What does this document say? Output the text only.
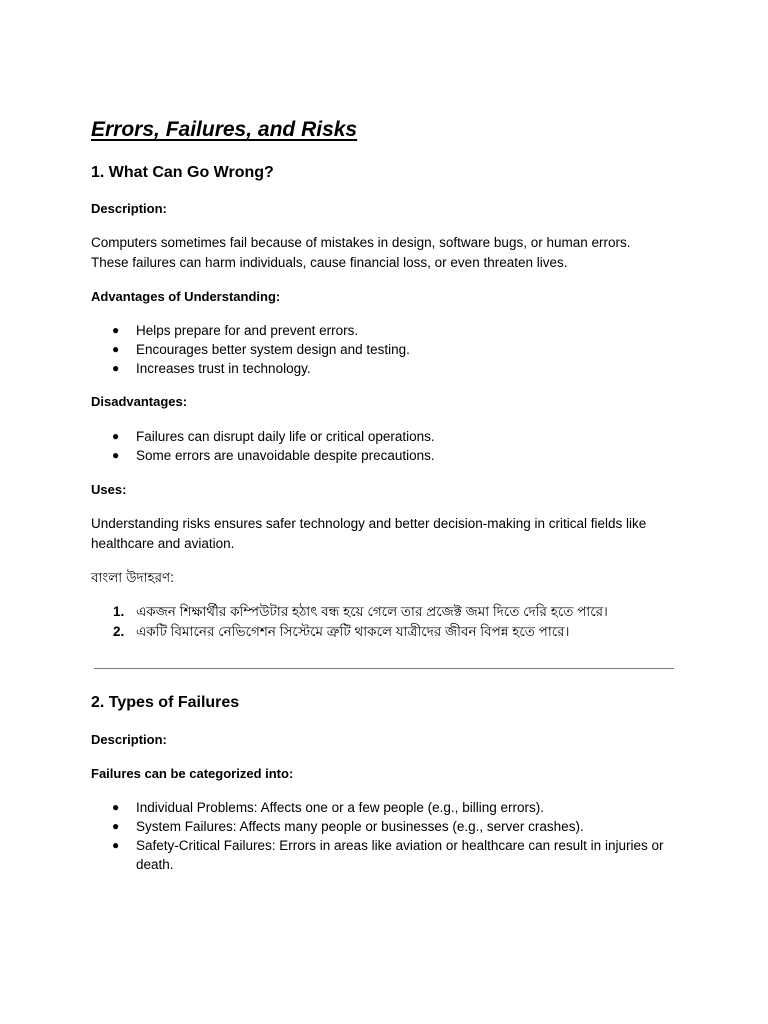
Errors, Failures, and Risks
1. What Can Go Wrong?

Description:

Computers sometimes fail because of mistakes in design, software bugs, or human errors.
These failures can harm individuals, cause financial loss, or even threaten lives.

Advantages of Understanding:

● Helps prepare for and prevent errors.
● Encourages better system design and testing.
● Increases trust in technology.

Disadvantages:

● Failures can disrupt daily life or critical operations.
● Some errors are unavoidable despite precautions.

Uses:

Understanding risks ensures safer technology and better decision-making in critical fields like
healthcare and aviation.

বাংলা উদাহরণ:

1. একজন শিক্ষার্থীর কম্পিউটার হঠাৎ বন্ধ হয়ে গেলে তার প্রজেক্ট জমা দিতে দেরি হতে পারে।
2. একটি বিমানের নেভিগেশন সিস্টেমে ত্রুটি থাকলে যাত্রীদের জীবন বিপন্ন হতে পারে।
2. Types of Failures

Description:

Failures can be categorized into:

● Individual Problems: Affects one or a few people (e.g., billing errors).
● System Failures: Affects many people or businesses (e.g., server crashes).
● Safety-Critical Failures: Errors in areas like aviation or healthcare can result in injuries or
death.
